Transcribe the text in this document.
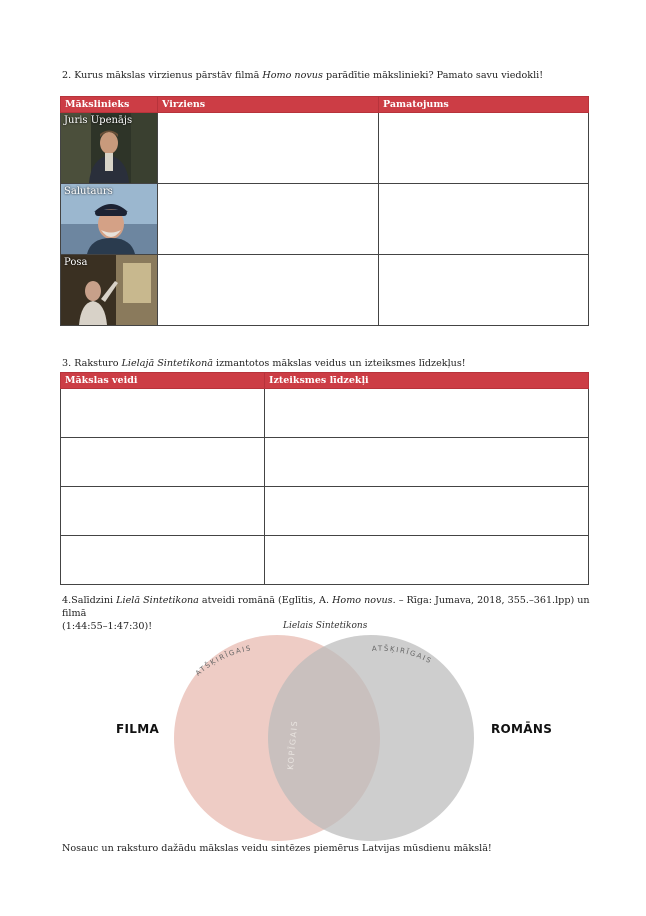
2. Kurus mākslas virzienus pārstāv filmā Homo novus parādītie mākslinieki? Pamato savu viedokli!
Mākslinieks	Virziens	Pamatojums

Juris Upenājs		

Salutaurs		

Posa		

3. Raksturo Lielajā Sintetikonā izmantotos mākslas veidus un izteiksmes līdzekļus!
Mākslas veidi	Izteiksmes līdzekļi

4.Salīdzini Lielā Sintetikona atveidi romānā (Eglītis, A. Homo novus. – Rīga: Jumava, 2018, 355.–361.lpp) un filmā
(1:44:55–1:47:30)!	Lielais Sintetikons
FILMA	ROMĀNS
ATŠĶIRĪGAIS	ATŠĶIRĪGAIS
KOPĪGAIS
Nosauc un raksturo dažādu mākslas veidu sintēzes piemērus Latvijas mūsdienu mākslā!
